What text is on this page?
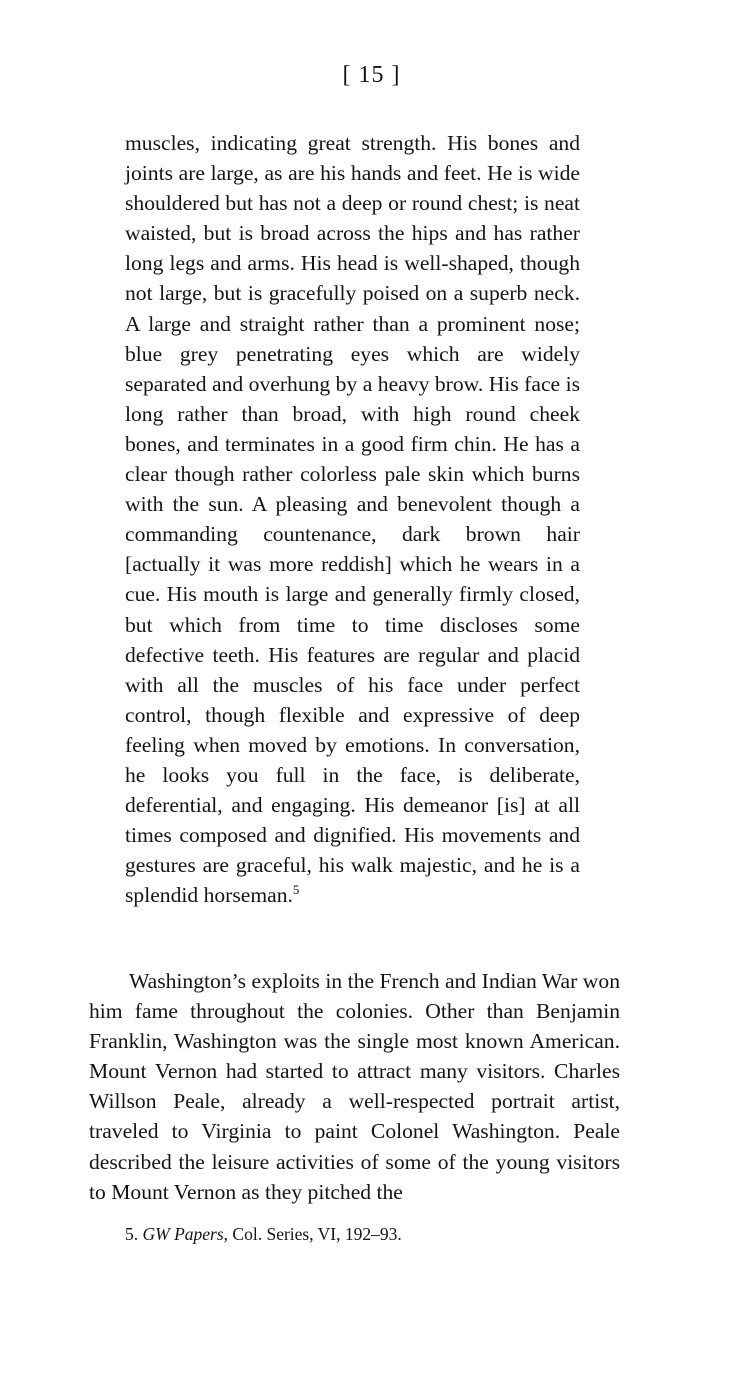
[ 15 ]
muscles, indicating great strength. His bones and joints are large, as are his hands and feet. He is wide shouldered but has not a deep or round chest; is neat waisted, but is broad across the hips and has rather long legs and arms. His head is well-shaped, though not large, but is gracefully poised on a superb neck. A large and straight rather than a prominent nose; blue grey penetrating eyes which are widely separated and overhung by a heavy brow. His face is long rather than broad, with high round cheek bones, and terminates in a good firm chin. He has a clear though rather colorless pale skin which burns with the sun. A pleasing and benevolent though a commanding countenance, dark brown hair [actually it was more reddish] which he wears in a cue. His mouth is large and generally firmly closed, but which from time to time discloses some defective teeth. His features are regular and placid with all the muscles of his face under perfect control, though flexible and expressive of deep feeling when moved by emotions. In conversation, he looks you full in the face, is deliberate, deferential, and engaging. His demeanor [is] at all times composed and dignified. His movements and gestures are graceful, his walk majestic, and he is a splendid horseman.$^5$
Washington’s exploits in the French and Indian War won him fame throughout the colonies. Other than Benjamin Franklin, Washington was the single most known American. Mount Vernon had started to attract many visitors. Charles Willson Peale, already a well-respected portrait artist, traveled to Virginia to paint Colonel Washington. Peale described the leisure activities of some of the young visitors to Mount Vernon as they pitched the
5. GW Papers, Col. Series, VI, 192–93.
